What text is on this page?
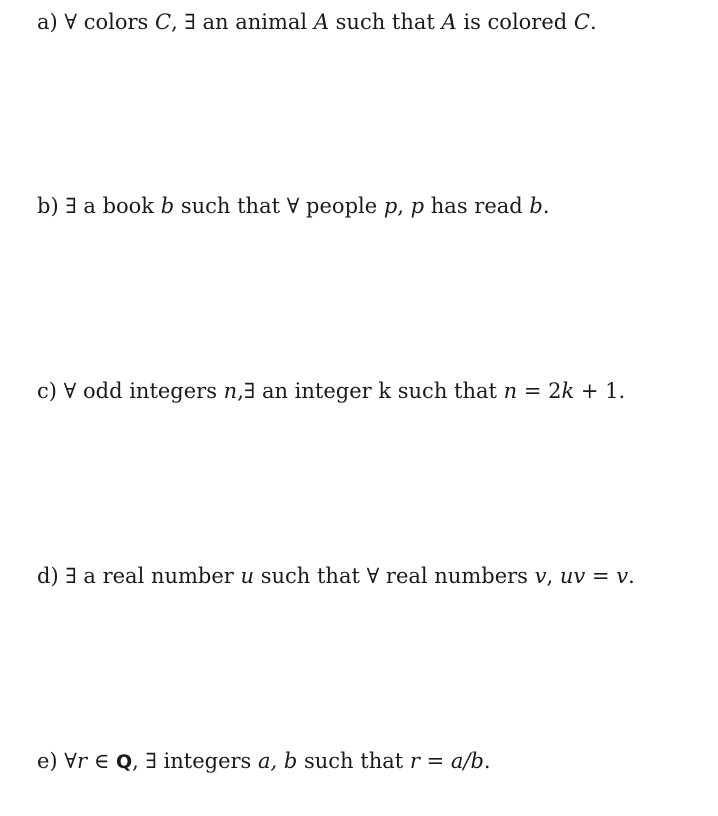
a) ∀ colors C, ∃ an animal A such that A is colored C.
b) ∃ a book b such that ∀ people p, p has read b.
c) ∀ odd integers n,∃ an integer k such that n = 2k + 1.
d) ∃ a real number u such that ∀ real numbers v, uv = v.
e) ∀r ∈ Q, ∃ integers a, b such that r = a/b.
